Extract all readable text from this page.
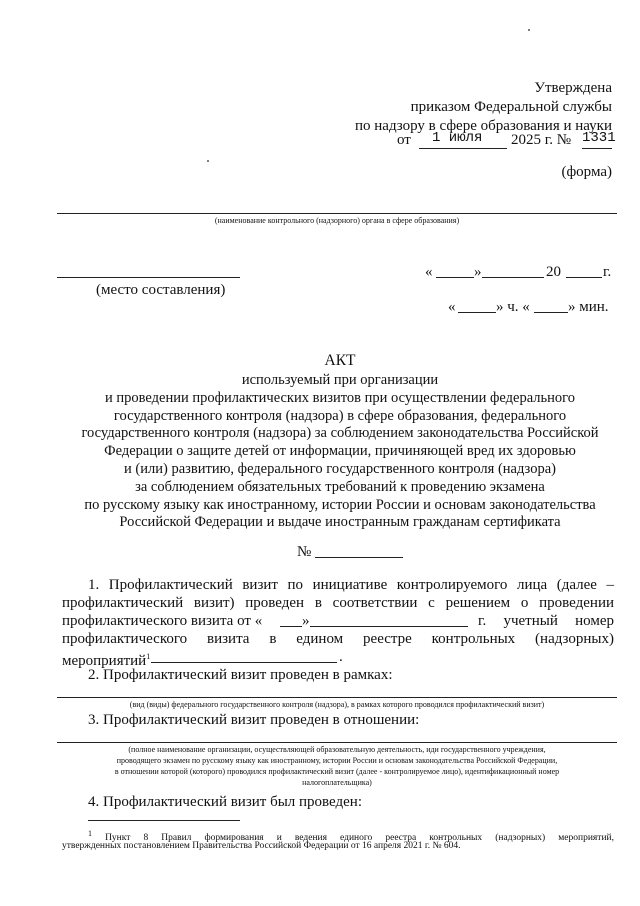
Утверждена
приказом Федеральной службы
по надзору в сфере образования и науки
от 1 июля 2025 г. № 1331
(форма)
(наименование контрольного (надзорного) органа в сфере образования)
(место составления)
«	»	20	г.
«	» ч. «	» мин.
АКТ
используемый при организации
и проведении профилактических визитов при осуществлении федерального
государственного контроля (надзора) в сфере образования, федерального
государственного контроля (надзора) за соблюдением законодательства Российской
Федерации о защите детей от информации, причиняющей вред их здоровью
и (или) развитию, федерального государственного контроля (надзора)
за соблюдением обязательных требований к проведению экзамена
по русскому языку как иностранному, истории России и основам законодательства
Российской Федерации и выдаче иностранным гражданам сертификата
№
1. Профилактический визит по инициативе контролируемого лица (далее –
профилактический визит) проведен в соответствии с решением о проведении
профилактического визита от «	»	г. учетный номер
профилактического визита в едином реестре контрольных (надзорных)
мероприятий$^1$	.
2. Профилактический визит проведен в рамках:
(вид (виды) федерального государственного контроля (надзора), в рамках которого проводился профилактический визит)
3. Профилактический визит проведен в отношении:
(полное наименование организации, осуществляющей образовательную деятельность, иди государственного учреждения,
проводящего экзамен по русскому языку как иностранному, истории России и основам законодательства Российской Федерации,
в отношении которой (которого) проводился профилактический визит (далее - контролируемое лицо), идентификационный номер
налогоплательщика)
4. Профилактический визит был проведен:
$^1$ Пункт 8 Правил формирования и ведения единого реестра контрольных (надзорных) мероприятий,
утвержденных постановлением Правительства Российской Федерации от 16 апреля 2021 г. № 604.
